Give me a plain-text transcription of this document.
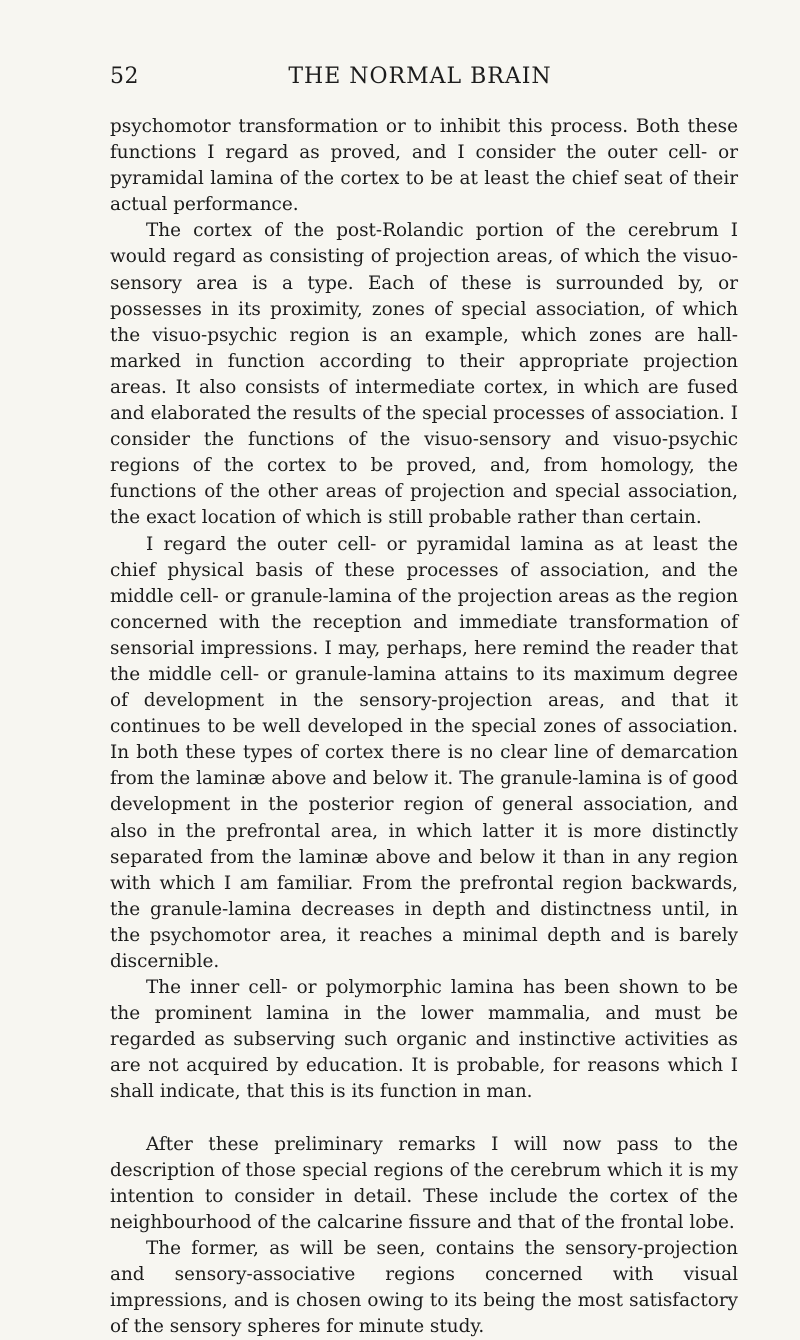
52	THE NORMAL BRAIN

psychomotor transformation or to inhibit this process. Both these functions I regard as proved, and I consider the outer cell- or pyramidal lamina of the cortex to be at least the chief seat of their actual performance.

The cortex of the post-Rolandic portion of the cerebrum I would regard as consisting of projection areas, of which the visuo-sensory area is a type. Each of these is surrounded by, or possesses in its proximity, zones of special association, of which the visuo-psychic region is an example, which zones are hall-marked in function according to their appropriate projection areas. It also consists of intermediate cortex, in which are fused and elaborated the results of the special processes of association. I consider the functions of the visuo-sensory and visuo-psychic regions of the cortex to be proved, and, from homology, the functions of the other areas of projection and special association, the exact location of which is still probable rather than certain.

I regard the outer cell- or pyramidal lamina as at least the chief physical basis of these processes of association, and the middle cell- or granule-lamina of the projection areas as the region concerned with the reception and immediate transformation of sensorial impressions. I may, perhaps, here remind the reader that the middle cell- or granule-lamina attains to its maximum degree of development in the sensory-projection areas, and that it continues to be well developed in the special zones of association. In both these types of cortex there is no clear line of demarcation from the laminæ above and below it. The granule-lamina is of good development in the posterior region of general association, and also in the prefrontal area, in which latter it is more distinctly separated from the laminæ above and below it than in any region with which I am familiar. From the prefrontal region backwards, the granule-lamina decreases in depth and distinctness until, in the psychomotor area, it reaches a minimal depth and is barely discernible.

The inner cell- or polymorphic lamina has been shown to be the prominent lamina in the lower mammalia, and must be regarded as subserving such organic and instinctive activities as are not acquired by education. It is probable, for reasons which I shall indicate, that this is its function in man.

After these preliminary remarks I will now pass to the description of those special regions of the cerebrum which it is my intention to consider in detail. These include the cortex of the neighbourhood of the calcarine fissure and that of the frontal lobe.

The former, as will be seen, contains the sensory-projection and sensory-associative regions concerned with visual impressions, and is chosen owing to its being the most satisfactory of the sensory spheres for minute study.
